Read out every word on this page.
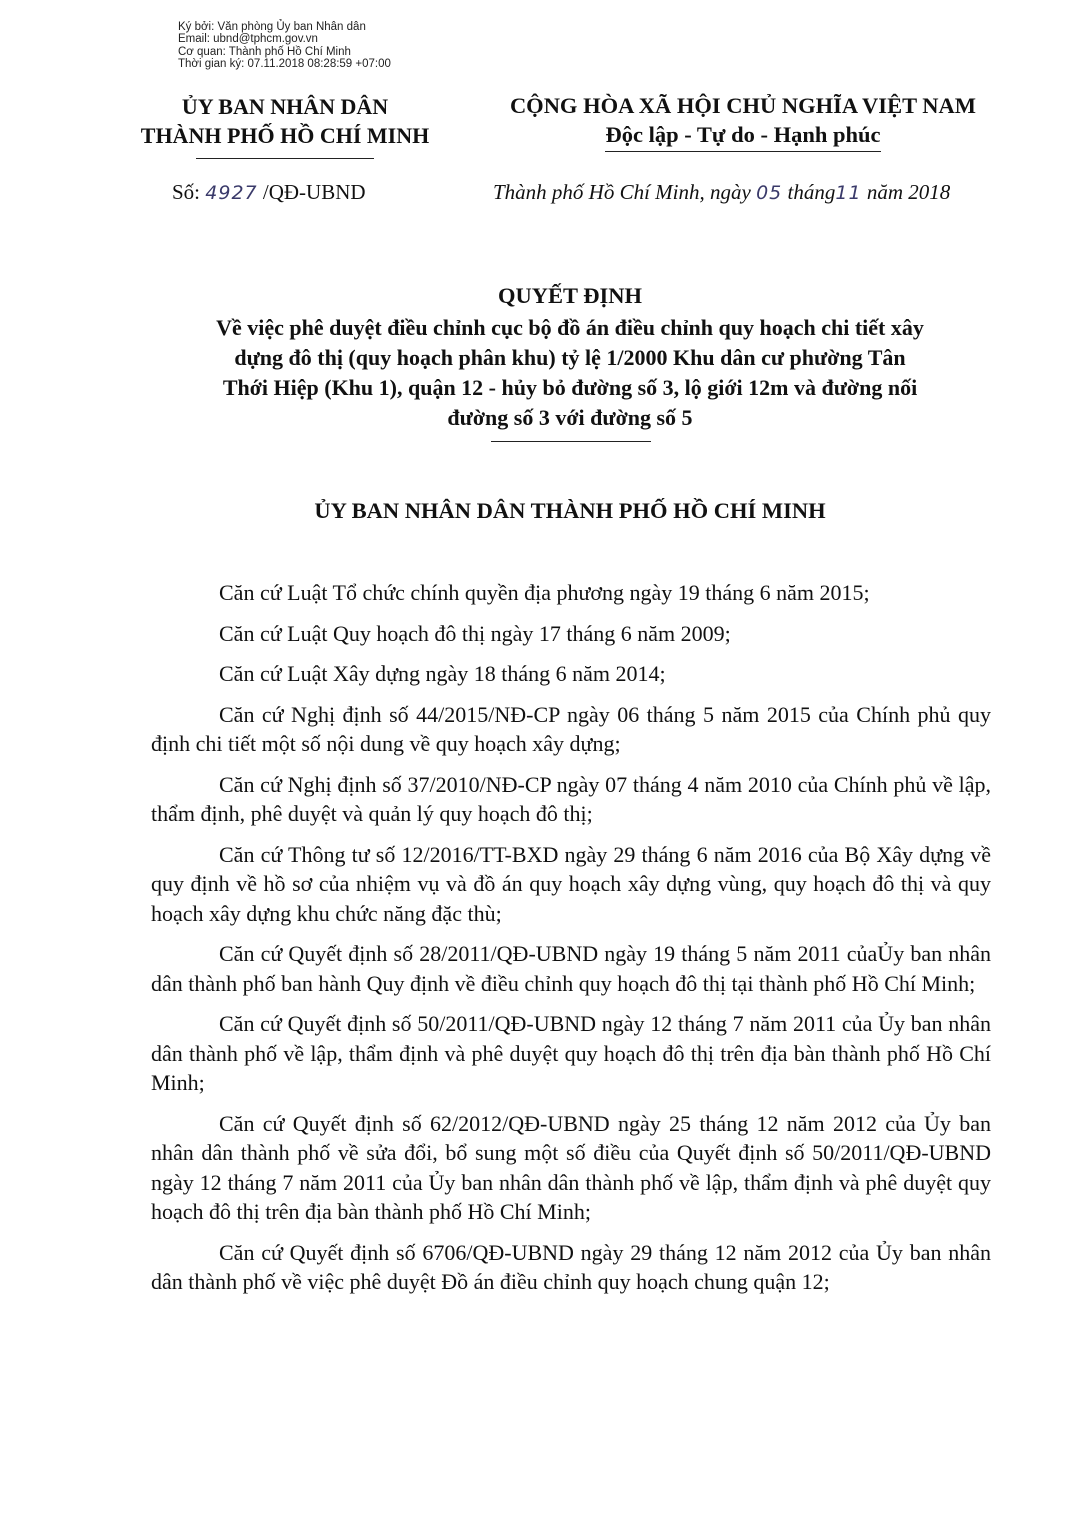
Ký bởi: Văn phòng Ủy ban Nhân dân
Email: ubnd@tphcm.gov.vn
Cơ quan: Thành phố Hồ Chí Minh
Thời gian ký: 07.11.2018 08:28:59 +07:00
ỦY BAN NHÂN DÂN
THÀNH PHỐ HỒ CHÍ MINH
CỘNG HÒA XÃ HỘI CHỦ NGHĨA VIỆT NAM
Độc lập - Tự do - Hạnh phúc
Số: 4927 /QĐ-UBND	Thành phố Hồ Chí Minh, ngày 05 tháng11 năm 2018
QUYẾT ĐỊNH
Về việc phê duyệt điều chỉnh cục bộ đồ án điều chỉnh quy hoạch chi tiết xây
dựng đô thị (quy hoạch phân khu) tỷ lệ 1/2000 Khu dân cư phường Tân
Thới Hiệp (Khu 1), quận 12 - hủy bỏ đường số 3, lộ giới 12m và đường nối
đường số 3 với đường số 5
ỦY BAN NHÂN DÂN THÀNH PHỐ HỒ CHÍ MINH

Căn cứ Luật Tổ chức chính quyền địa phương ngày 19 tháng 6 năm 2015;

Căn cứ Luật Quy hoạch đô thị ngày 17 tháng 6 năm 2009;

Căn cứ Luật Xây dựng ngày 18 tháng 6 năm 2014;

Căn cứ Nghị định số 44/2015/NĐ-CP ngày 06 tháng 5 năm 2015 của Chính phủ quy định chi tiết một số nội dung về quy hoạch xây dựng;

Căn cứ Nghị định số 37/2010/NĐ-CP ngày 07 tháng 4 năm 2010 của Chính phủ về lập, thẩm định, phê duyệt và quản lý quy hoạch đô thị;

Căn cứ Thông tư số 12/2016/TT-BXD ngày 29 tháng 6 năm 2016 của Bộ Xây dựng về quy định về hồ sơ của nhiệm vụ và đồ án quy hoạch xây dựng vùng, quy hoạch đô thị và quy hoạch xây dựng khu chức năng đặc thù;

Căn cứ Quyết định số 28/2011/QĐ-UBND ngày 19 tháng 5 năm 2011 củaỦy ban nhân dân thành phố ban hành Quy định về điều chỉnh quy hoạch đô thị tại thành phố Hồ Chí Minh;

Căn cứ Quyết định số 50/2011/QĐ-UBND ngày 12 tháng 7 năm 2011 của Ủy ban nhân dân thành phố về lập, thẩm định và phê duyệt quy hoạch đô thị trên địa bàn thành phố Hồ Chí Minh;

Căn cứ Quyết định số 62/2012/QĐ-UBND ngày 25 tháng 12 năm 2012 của Ủy ban nhân dân thành phố về sửa đổi, bổ sung một số điều của Quyết định số 50/2011/QĐ-UBND ngày 12 tháng 7 năm 2011 của Ủy ban nhân dân thành phố về lập, thẩm định và phê duyệt quy hoạch đô thị trên địa bàn thành phố Hồ Chí Minh;

Căn cứ Quyết định số 6706/QĐ-UBND ngày 29 tháng 12 năm 2012 của Ủy ban nhân dân thành phố về việc phê duyệt Đồ án điều chỉnh quy hoạch chung quận 12;
